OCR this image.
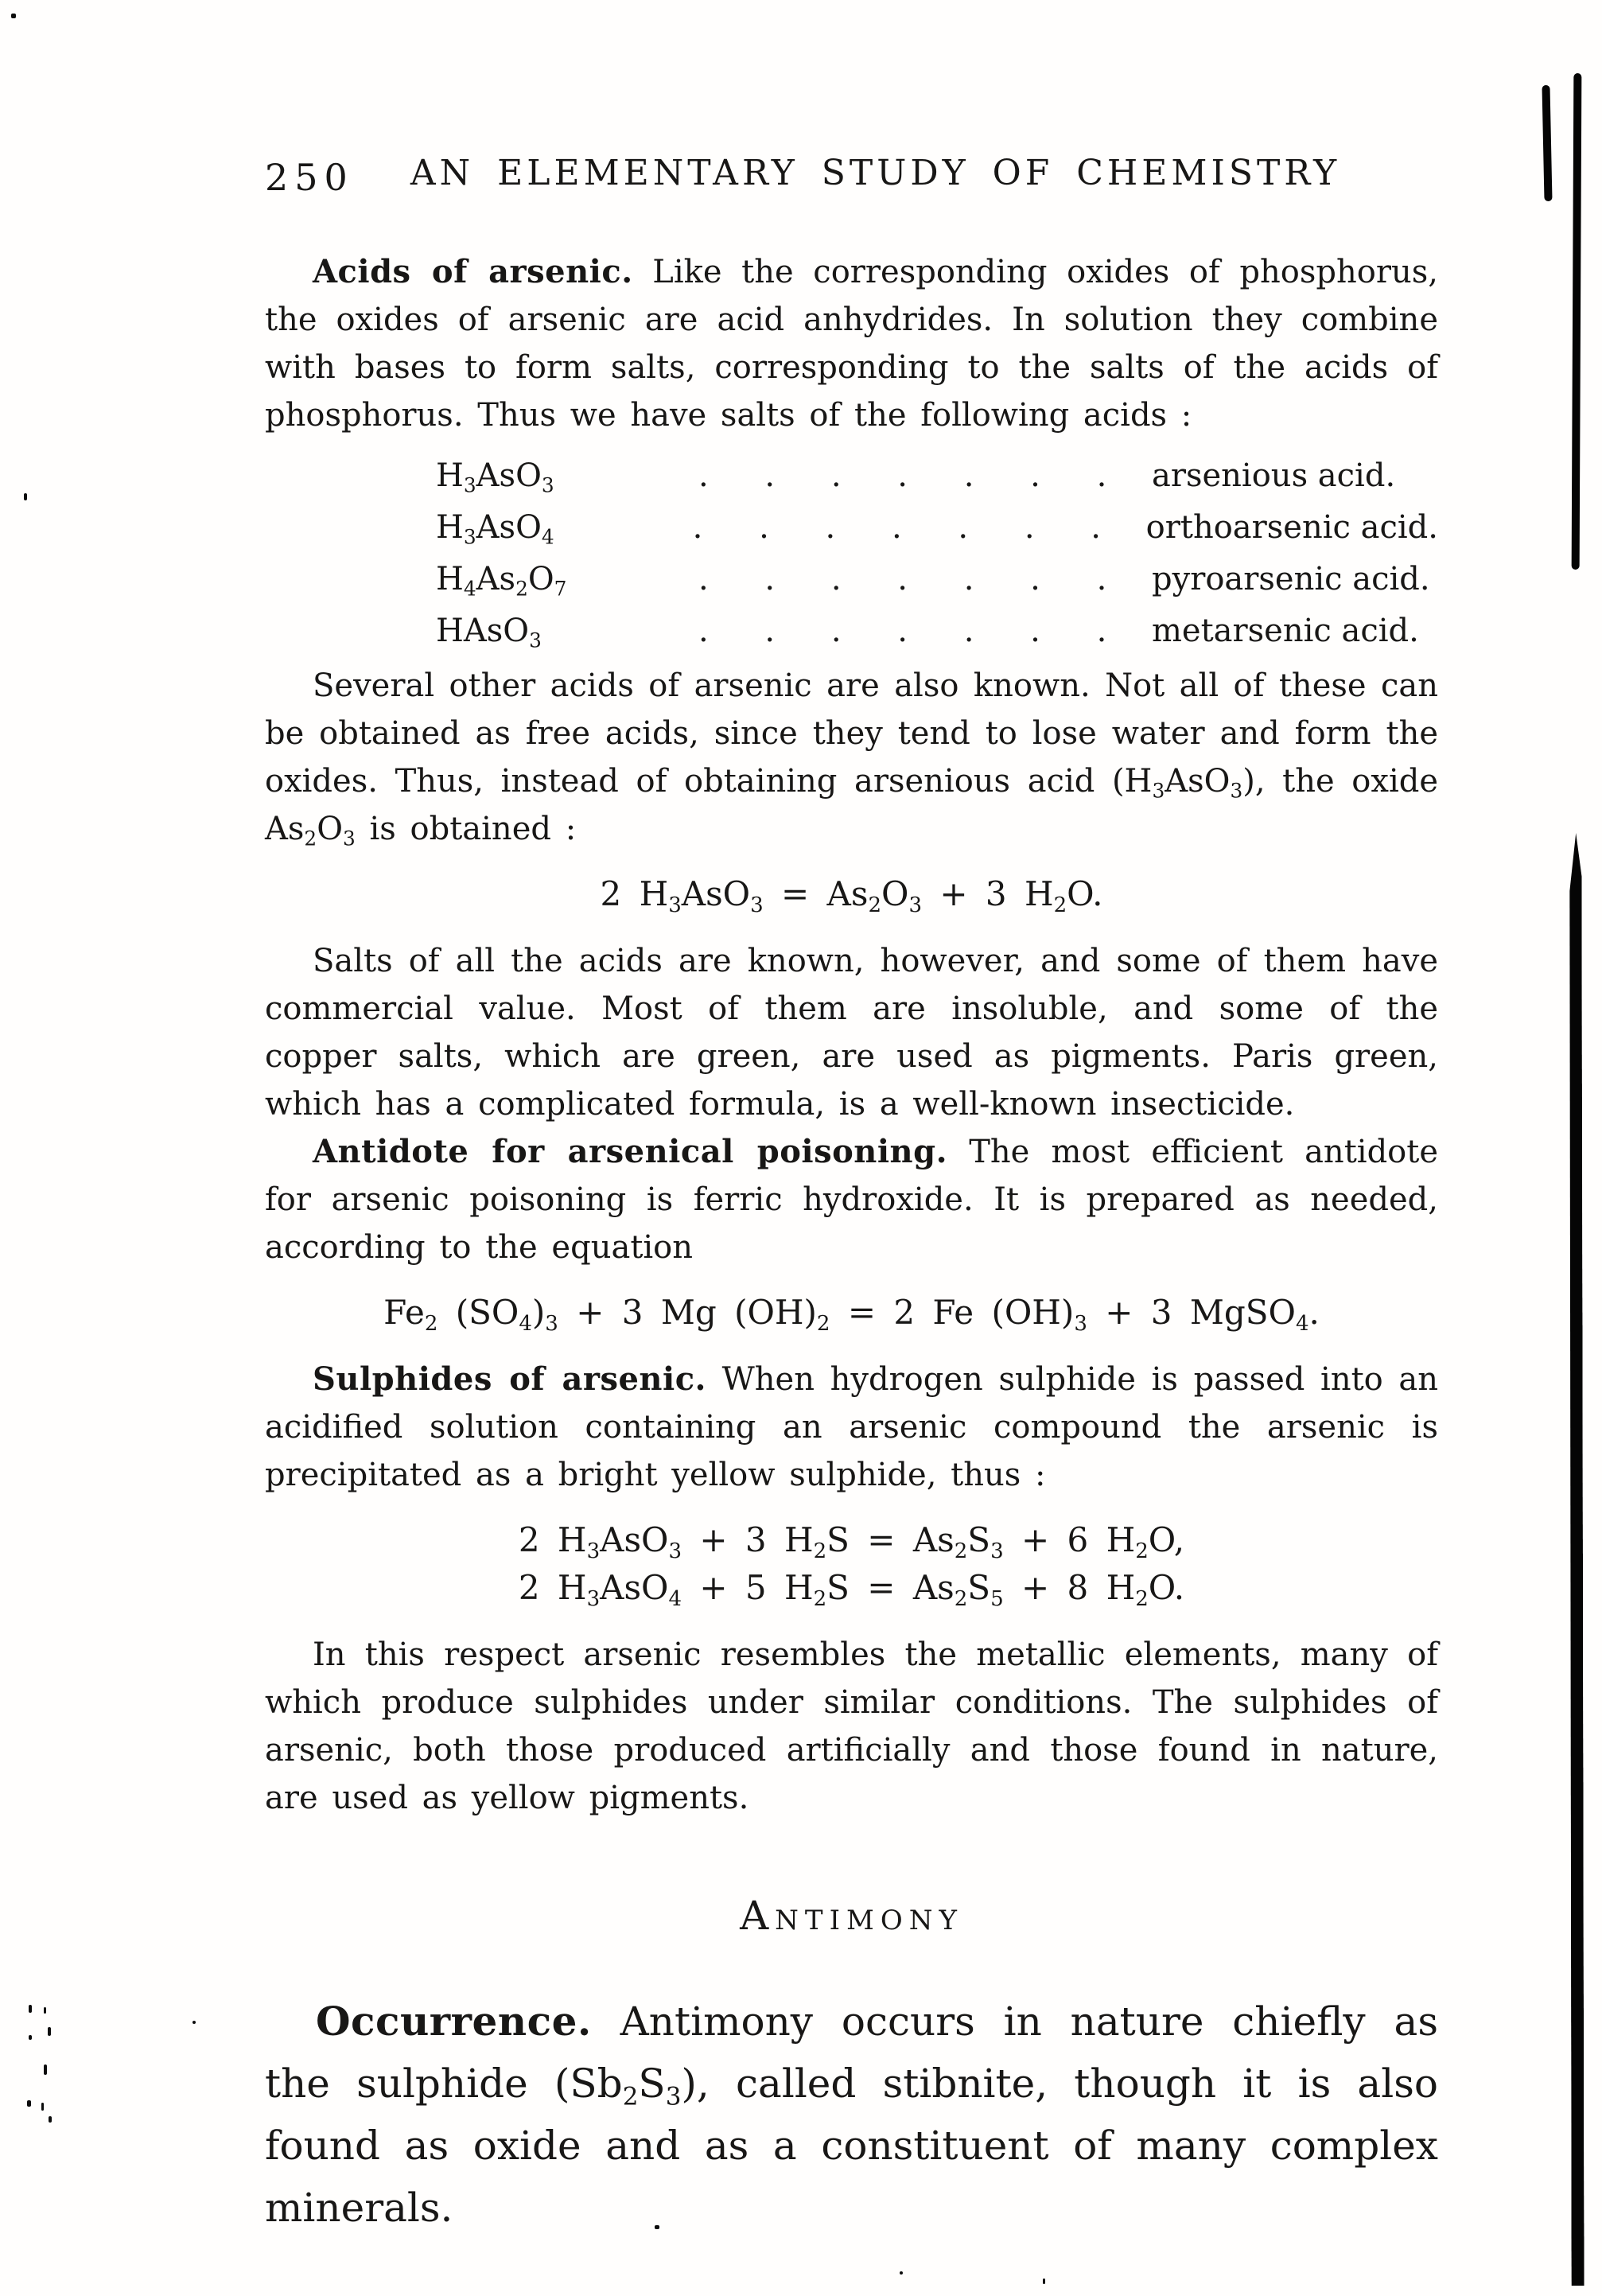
250	AN ELEMENTARY STUDY OF CHEMISTRY

Acids of arsenic. Like the corresponding oxides of phosphorus, the oxides of arsenic are acid anhydrides. In solution they combine with bases to form salts, corresponding to the salts of the acids of phosphorus. Thus we have salts of the following acids :

$H_3AsO_3$	. . . . . . .	arsenious acid.
$H_3AsO_4$	. . . . . . .	orthoarsenic acid.
$H_4As_2O_7$	. . . . . . .	pyroarsenic acid.
HAsO$_3$	. . . . . . .	metarsenic acid.

Several other acids of arsenic are also known. Not all of these can be obtained as free acids, since they tend to lose water and form the oxides. Thus, instead of obtaining arsenious acid $(H_3AsO_3)$, the oxide $As_2O_3$ is obtained :

2 $H_3AsO_3 = As_2O_3 + 3$ $H_2O$.

Salts of all the acids are known, however, and some of them have commercial value. Most of them are insoluble, and some of the copper salts, which are green, are used as pigments. Paris green, which has a complicated formula, is a well-known insecticide.

Antidote for arsenical poisoning. The most efficient antidote for arsenic poisoning is ferric hydroxide. It is prepared as needed, according to the equation

$Fe_2$ $(SO_4)_3 + 3$ Mg $(OH)_2 = 2$ Fe $(OH)_3 + 3$ MgSO$_4$.

Sulphides of arsenic. When hydrogen sulphide is passed into an acidified solution containing an arsenic compound the arsenic is precipitated as a bright yellow sulphide, thus :

2 $H_3AsO_3 + 3$ $H_2S = As_2S_3 + 6$ $H_2O$,
2 $H_3AsO_4 + 5$ $H_2S = As_2S_5 + 8$ $H_2O$.

In this respect arsenic resembles the metallic elements, many of which produce sulphides under similar conditions. The sulphides of arsenic, both those produced artificially and those found in nature, are used as yellow pigments.

ANTIMONY

Occurrence. Antimony occurs in nature chiefly as the sulphide $(Sb_2S_3)$, called stibnite, though it is also found as oxide and as a constituent of many complex minerals.
